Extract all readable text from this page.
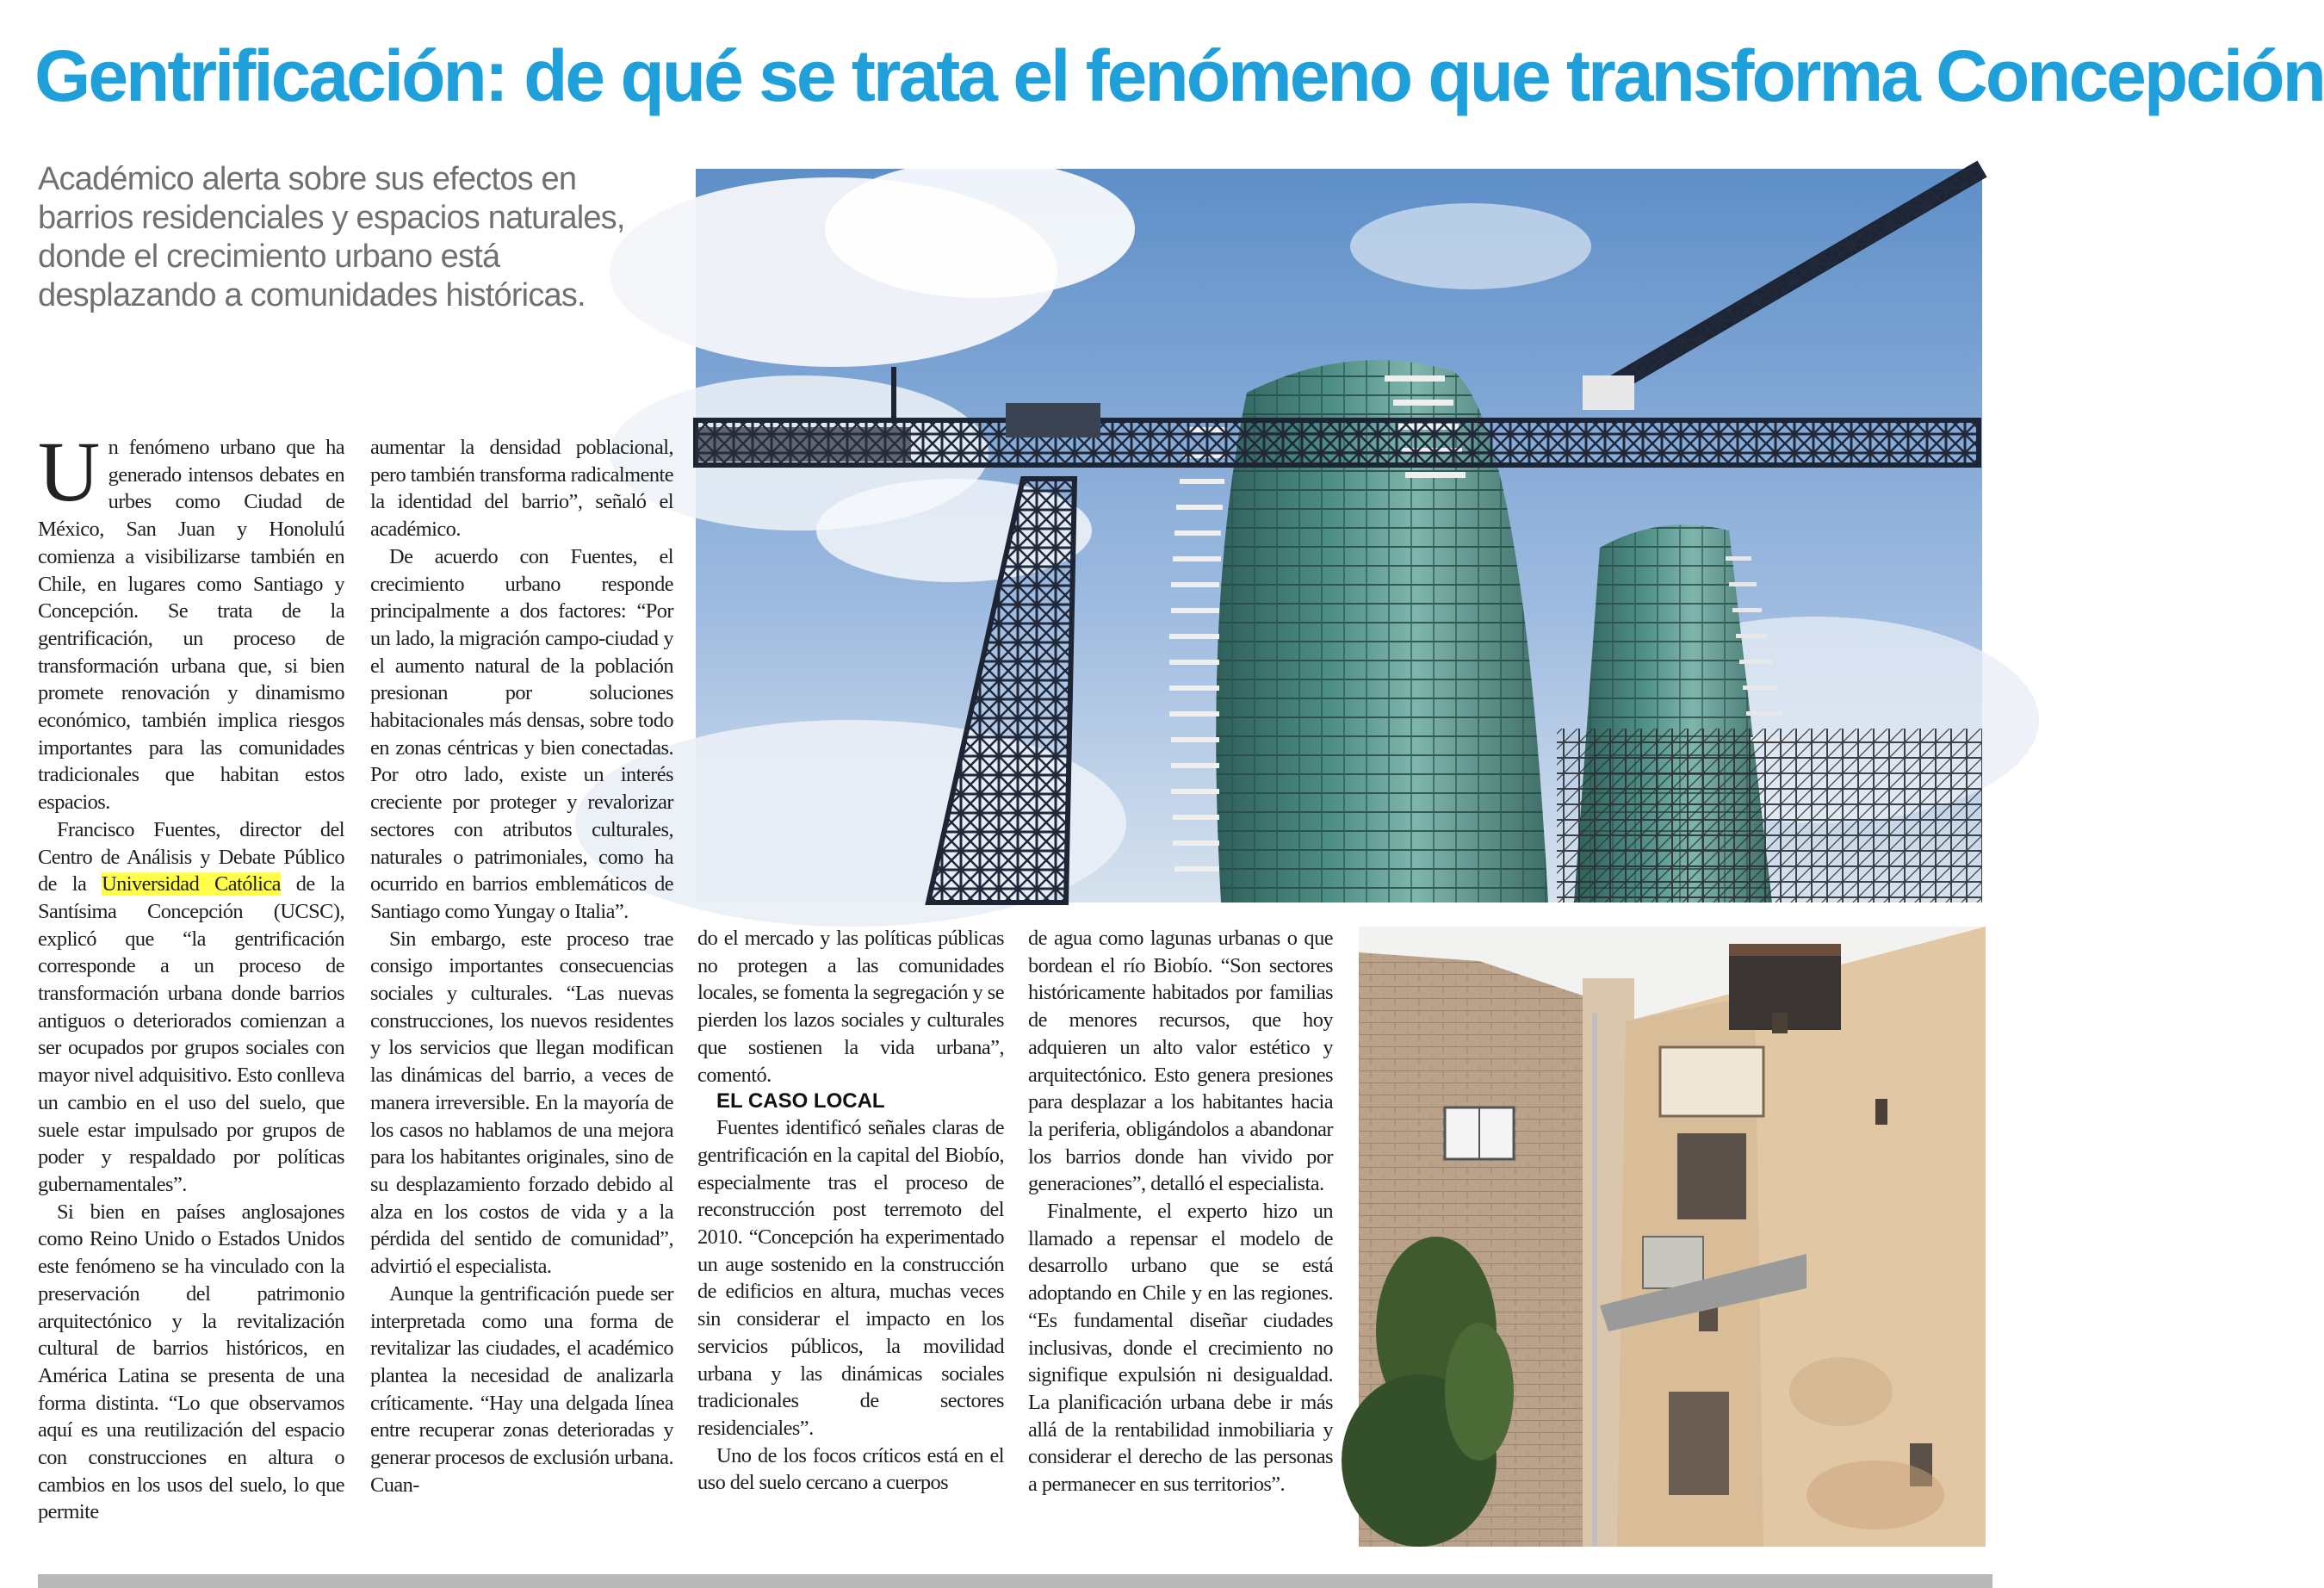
Gentrificación: de qué se trata el fenómeno que transforma Concepción
Académico alerta sobre sus efectos en barrios residenciales y espacios naturales, donde el crecimiento urbano está desplazando a comunidades históricas.

Un fenómeno urbano que ha generado intensos debates en urbes como Ciudad de México, San Juan y Honolulú comienza a visibilizarse también en Chile, en lugares como Santiago y Concepción. Se trata de la gentrificación, un proceso de transformación urbana que, si bien promete renovación y dinamismo económico, también implica riesgos importantes para las comunidades tradicionales que habitan estos espacios.

Francisco Fuentes, director del Centro de Análisis y Debate Público de la Universidad Católica de la Santísima Concepción (UCSC), explicó que “la gentrificación corresponde a un proceso de transformación urbana donde barrios antiguos o deteriorados comienzan a ser ocupados por grupos sociales con mayor nivel adquisitivo. Esto conlleva un cambio en el uso del suelo, que suele estar impulsado por grupos de poder y respaldado por políticas gubernamentales”.

Si bien en países anglosajones como Reino Unido o Estados Unidos este fenómeno se ha vinculado con la preservación del patrimonio arquitectónico y la revitalización cultural de barrios históricos, en América Latina se presenta de una forma distinta. “Lo que observamos aquí es una reutilización del espacio con construcciones en altura o cambios en los usos del suelo, lo que permite

aumentar la densidad poblacional, pero también transforma radicalmente la identidad del barrio”, señaló el académico.

De acuerdo con Fuentes, el crecimiento urbano responde principalmente a dos factores: “Por un lado, la migración campo-ciudad y el aumento natural de la población presionan por soluciones habitacionales más densas, sobre todo en zonas céntricas y bien conectadas. Por otro lado, existe un interés creciente por proteger y revalorizar sectores con atributos culturales, naturales o patrimoniales, como ha ocurrido en barrios emblemáticos de Santiago como Yungay o Italia”.

Sin embargo, este proceso trae consigo importantes consecuencias sociales y culturales. “Las nuevas construcciones, los nuevos residentes y los servicios que llegan modifican las dinámicas del barrio, a veces de manera irreversible. En la mayoría de los casos no hablamos de una mejora para los habitantes originales, sino de su desplazamiento forzado debido al alza en los costos de vida y a la pérdida del sentido de comunidad”, advirtió el especialista.

Aunque la gentrificación puede ser interpretada como una forma de revitalizar las ciudades, el académico plantea la necesidad de analizarla críticamente. “Hay una delgada línea entre recuperar zonas deterioradas y generar procesos de exclusión urbana. Cuan-

do el mercado y las políticas públicas no protegen a las comunidades locales, se fomenta la segregación y se pierden los lazos sociales y culturales que sostienen la vida urbana”, comentó.

EL CASO LOCAL

Fuentes identificó señales claras de gentrificación en la capital del Biobío, especialmente tras el proceso de reconstrucción post terremoto del 2010. “Concepción ha experimentado un auge sostenido en la construcción de edificios en altura, muchas veces sin considerar el impacto en los servicios públicos, la movilidad urbana y las dinámicas sociales tradicionales de sectores residenciales”.

Uno de los focos críticos está en el uso del suelo cercano a cuerpos

de agua como lagunas urbanas o que bordean el río Biobío. “Son sectores históricamente habitados por familias de menores recursos, que hoy adquieren un alto valor estético y arquitectónico. Esto genera presiones para desplazar a los habitantes hacia la periferia, obligándolos a abandonar los barrios donde han vivido por generaciones”, detalló el especialista.

Finalmente, el experto hizo un llamado a repensar el modelo de desarrollo urbano que se está adoptando en Chile y en las regiones. “Es fundamental diseñar ciudades inclusivas, donde el crecimiento no signifique expulsión ni desigualdad. La planificación urbana debe ir más allá de la rentabilidad inmobiliaria y considerar el derecho de las personas a permanecer en sus territorios”.
